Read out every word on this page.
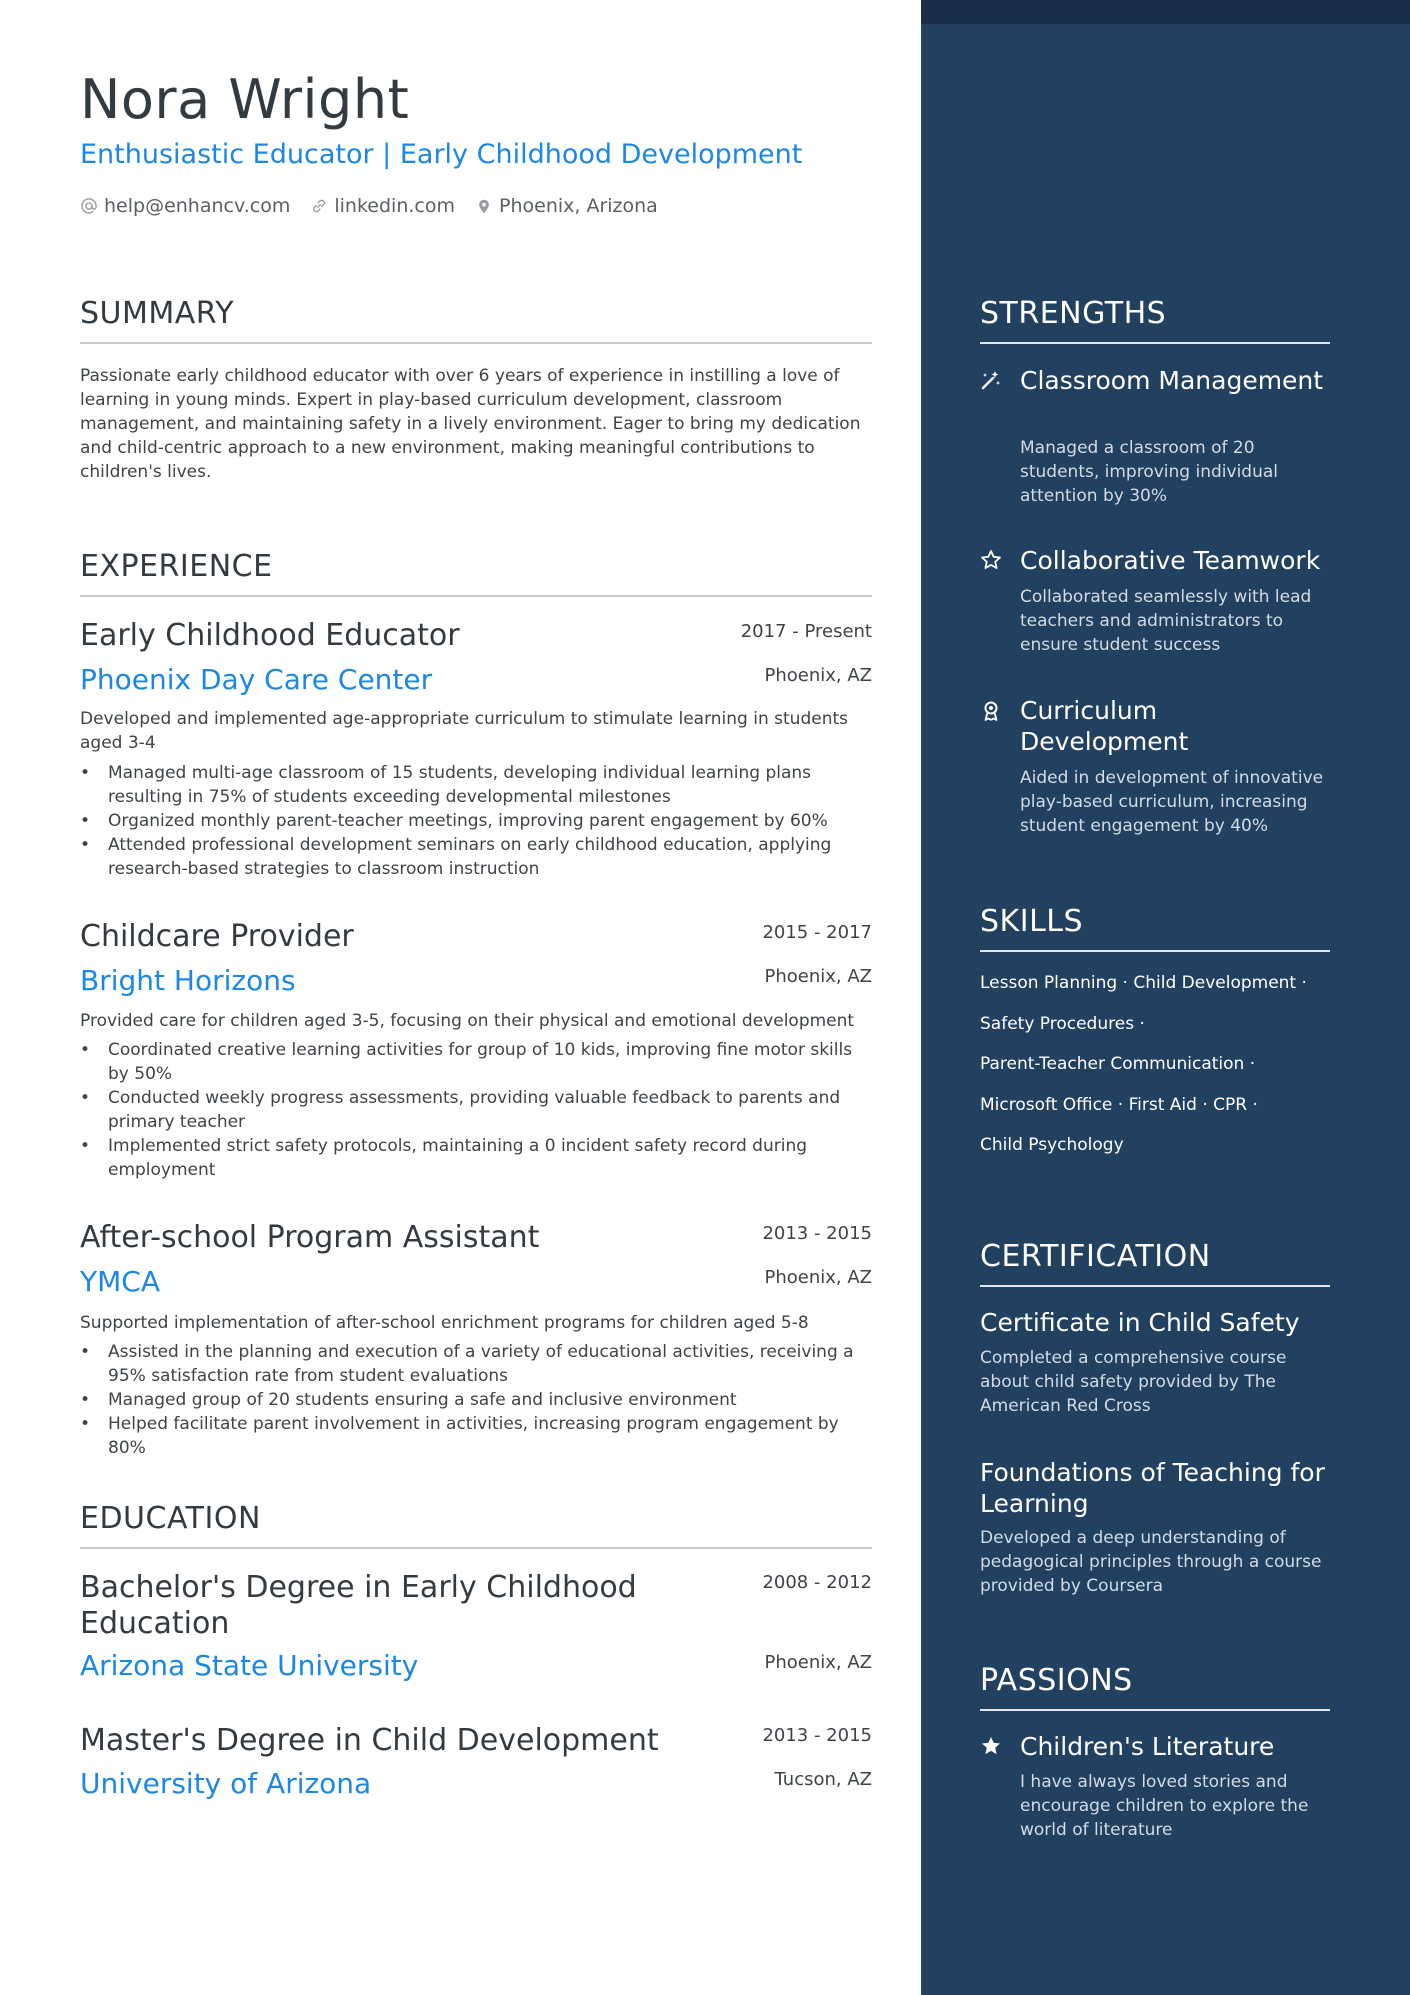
Nora Wright
Enthusiastic Educator | Early Childhood Development
help@enhancv.com linkedin.com Phoenix, Arizona
SUMMARY
Passionate early childhood educator with over 6 years of experience in instilling a love of learning in young minds. Expert in play-based curriculum development, classroom management, and maintaining safety in a lively environment. Eager to bring my dedication and child-centric approach to a new environment, making meaningful contributions to children's lives.
EXPERIENCE
Early Childhood Educator	2017 - Present
Phoenix Day Care Center	Phoenix, AZ
Developed and implemented age-appropriate curriculum to stimulate learning in students aged 3-4
• Managed multi-age classroom of 15 students, developing individual learning plans resulting in 75% of students exceeding developmental milestones
• Organized monthly parent-teacher meetings, improving parent engagement by 60%
• Attended professional development seminars on early childhood education, applying research-based strategies to classroom instruction
Childcare Provider	2015 - 2017
Bright Horizons	Phoenix, AZ
Provided care for children aged 3-5, focusing on their physical and emotional development
• Coordinated creative learning activities for group of 10 kids, improving fine motor skills by 50%
• Conducted weekly progress assessments, providing valuable feedback to parents and primary teacher
• Implemented strict safety protocols, maintaining a 0 incident safety record during employment
After-school Program Assistant	2013 - 2015
YMCA	Phoenix, AZ
Supported implementation of after-school enrichment programs for children aged 5-8
• Assisted in the planning and execution of a variety of educational activities, receiving a 95% satisfaction rate from student evaluations
• Managed group of 20 students ensuring a safe and inclusive environment
• Helped facilitate parent involvement in activities, increasing program engagement by 80%
EDUCATION
Bachelor's Degree in Early Childhood Education
2008 - 2012
Arizona State University	Phoenix, AZ
Master's Degree in Child Development	2013 - 2015
University of Arizona	Tucson, AZ
STRENGTHS
Classroom Management
Managed a classroom of 20 students, improving individual attention by 30%
Collaborative Teamwork
Collaborated seamlessly with lead teachers and administrators to ensure student success
Curriculum Development
Aided in development of innovative play-based curriculum, increasing student engagement by 40%
SKILLS
Lesson Planning · Child Development ·
Safety Procedures ·
Parent-Teacher Communication ·
Microsoft Office · First Aid · CPR ·
Child Psychology
CERTIFICATION
Certificate in Child Safety
Completed a comprehensive course about child safety provided by The American Red Cross
Foundations of Teaching for Learning
Developed a deep understanding of pedagogical principles through a course provided by Coursera
PASSIONS
Children's Literature
I have always loved stories and encourage children to explore the world of literature
